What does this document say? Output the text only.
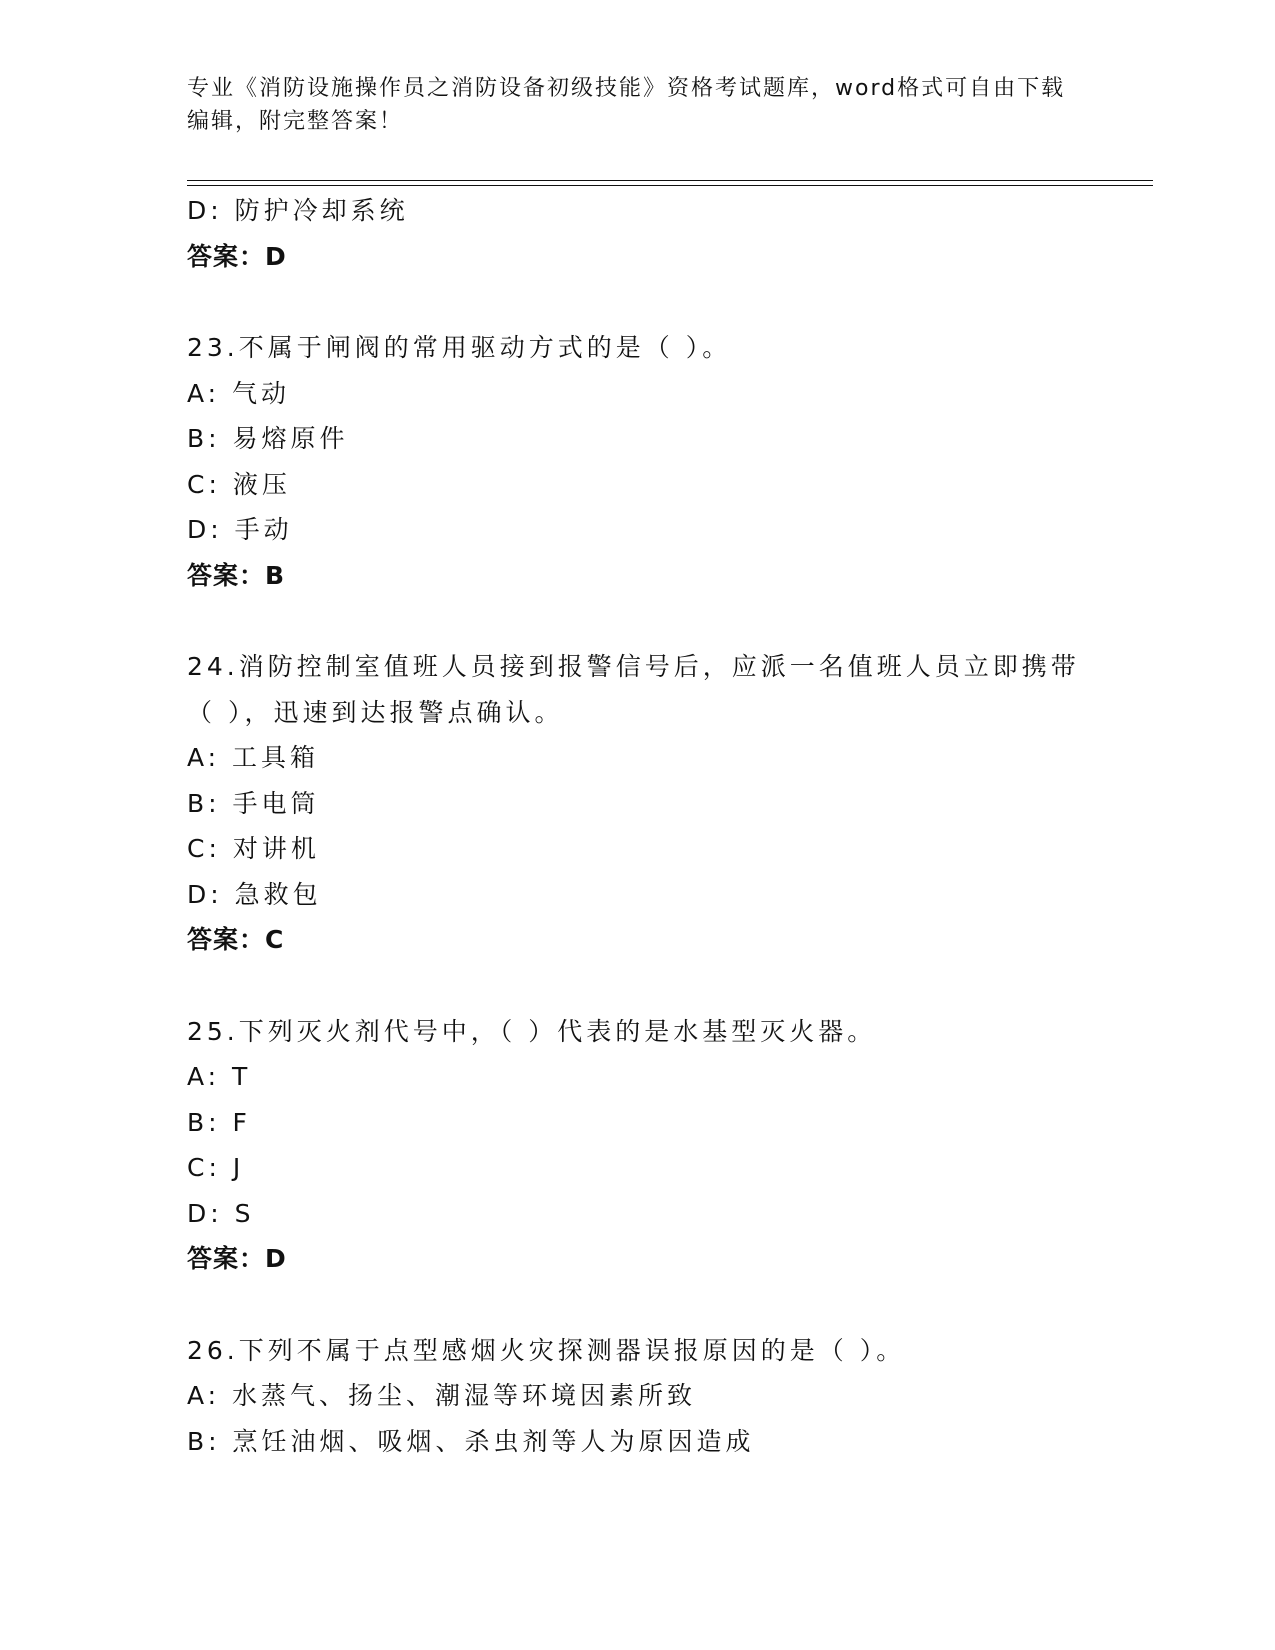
专业《消防设施操作员之消防设备初级技能》资格考试题库，word格式可自由下载编辑，附完整答案！
D: 防护冷却系统
答案：D
23.不属于闸阀的常用驱动方式的是（ ）。
A: 气动
B: 易熔原件
C: 液压
D: 手动
答案：B
24.消防控制室值班人员接到报警信号后，应派一名值班人员立即携带（ ），迅速到达报警点确认。
A: 工具箱
B: 手电筒
C: 对讲机
D: 急救包
答案：C
25.下列灭火剂代号中，（ ）代表的是水基型灭火器。
A: T
B: F
C: J
D: S
答案：D
26.下列不属于点型感烟火灾探测器误报原因的是（ ）。
A: 水蒸气、扬尘、潮湿等环境因素所致
B: 烹饪油烟、吸烟、杀虫剂等人为原因造成
